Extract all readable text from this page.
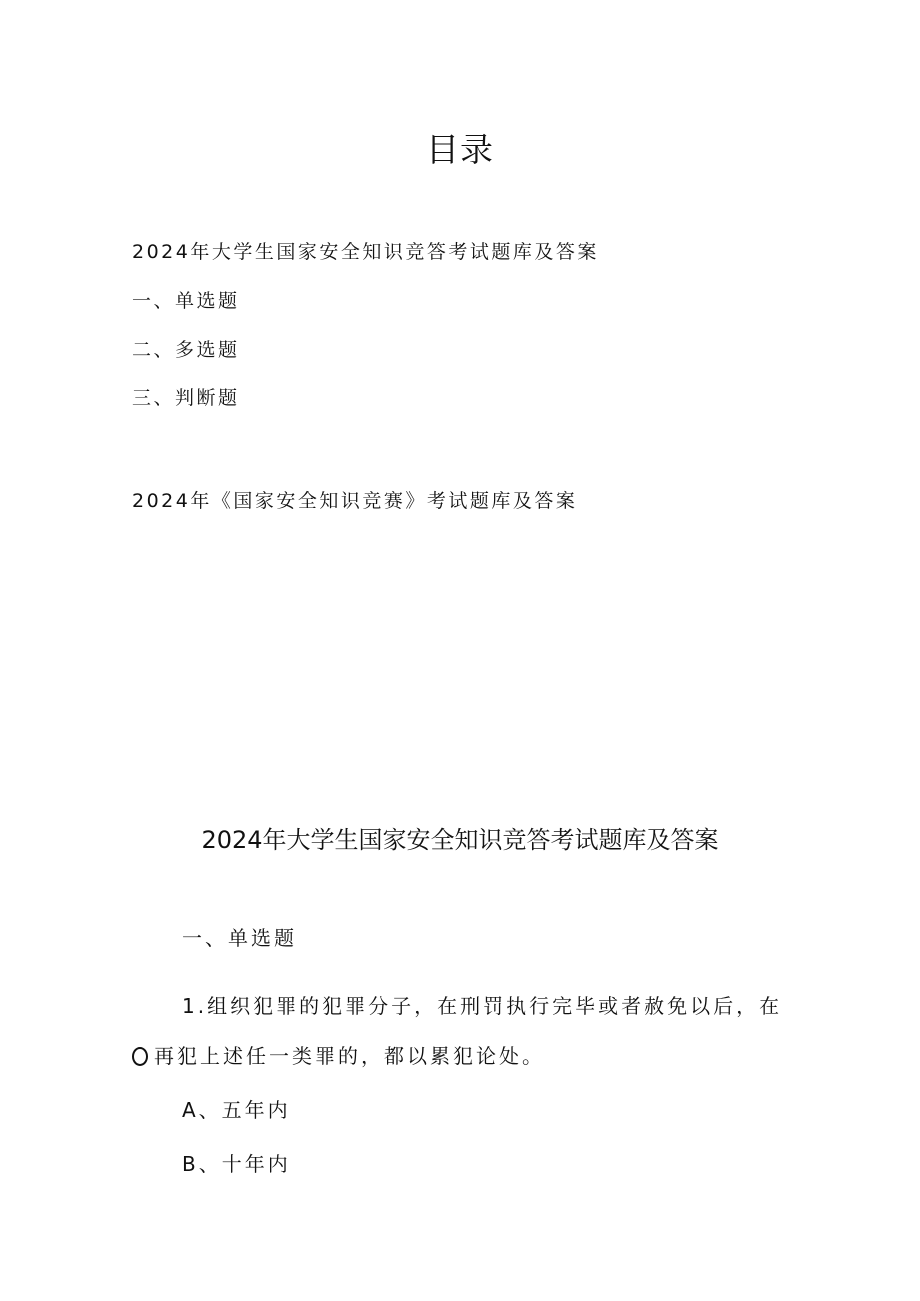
目录
2024年大学生国家安全知识竞答考试题库及答案
一、单选题
二、多选题
三、判断题
2024年《国家安全知识竞赛》考试题库及答案
2024年大学生国家安全知识竞答考试题库及答案
一、单选题
1.组织犯罪的犯罪分子，在刑罚执行完毕或者赦免以后，在
再犯上述任一类罪的，都以累犯论处。
A、五年内
B、十年内
